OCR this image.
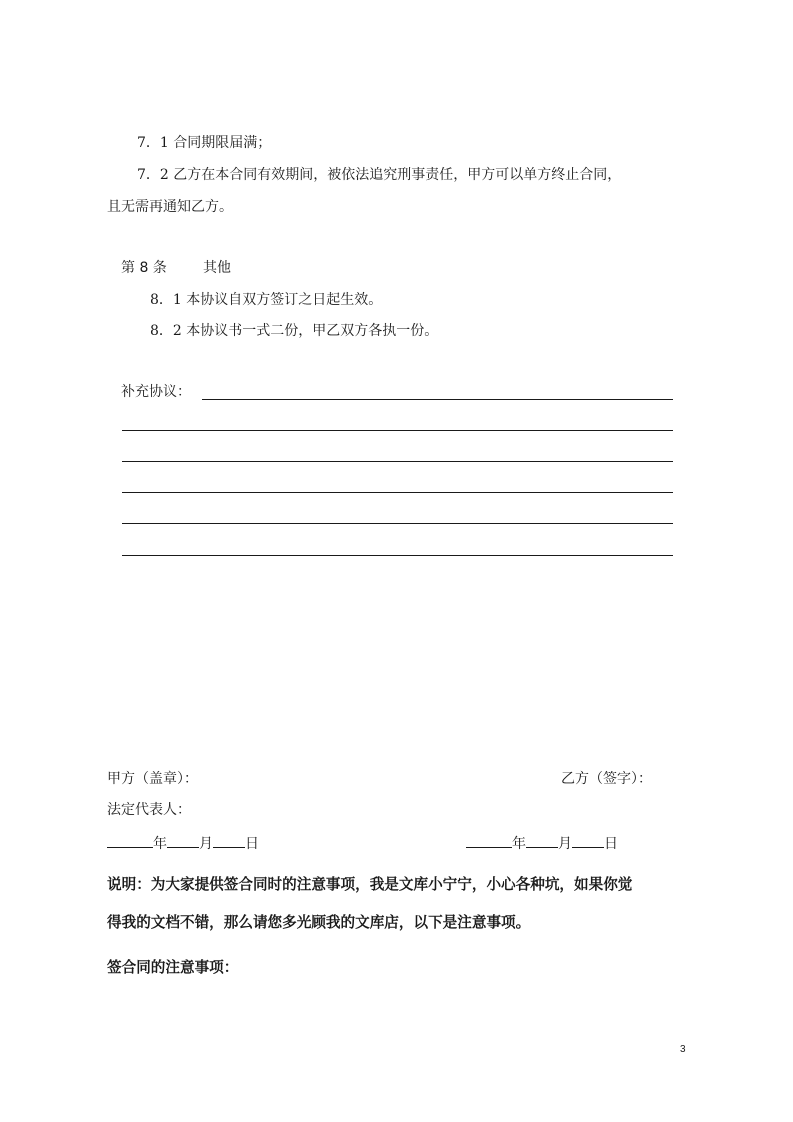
7．1 合同期限届满；
7．2 乙方在本合同有效期间，被依法追究刑事责任，甲方可以单方终止合同，
且无需再通知乙方。
第 8 条	其他
8．1 本协议自双方签订之日起生效。
8．2 本协议书一式二份，甲乙双方各执一份。
补充协议：
甲方（盖章）：	乙方（签字）：
法定代表人：
年 月 日	年 月 日
说明：为大家提供签合同时的注意事项，我是文库小宁宁，小心各种坑，如果你觉
得我的文档不错，那么请您多光顾我的文库店，以下是注意事项。
签合同的注意事项：
3
